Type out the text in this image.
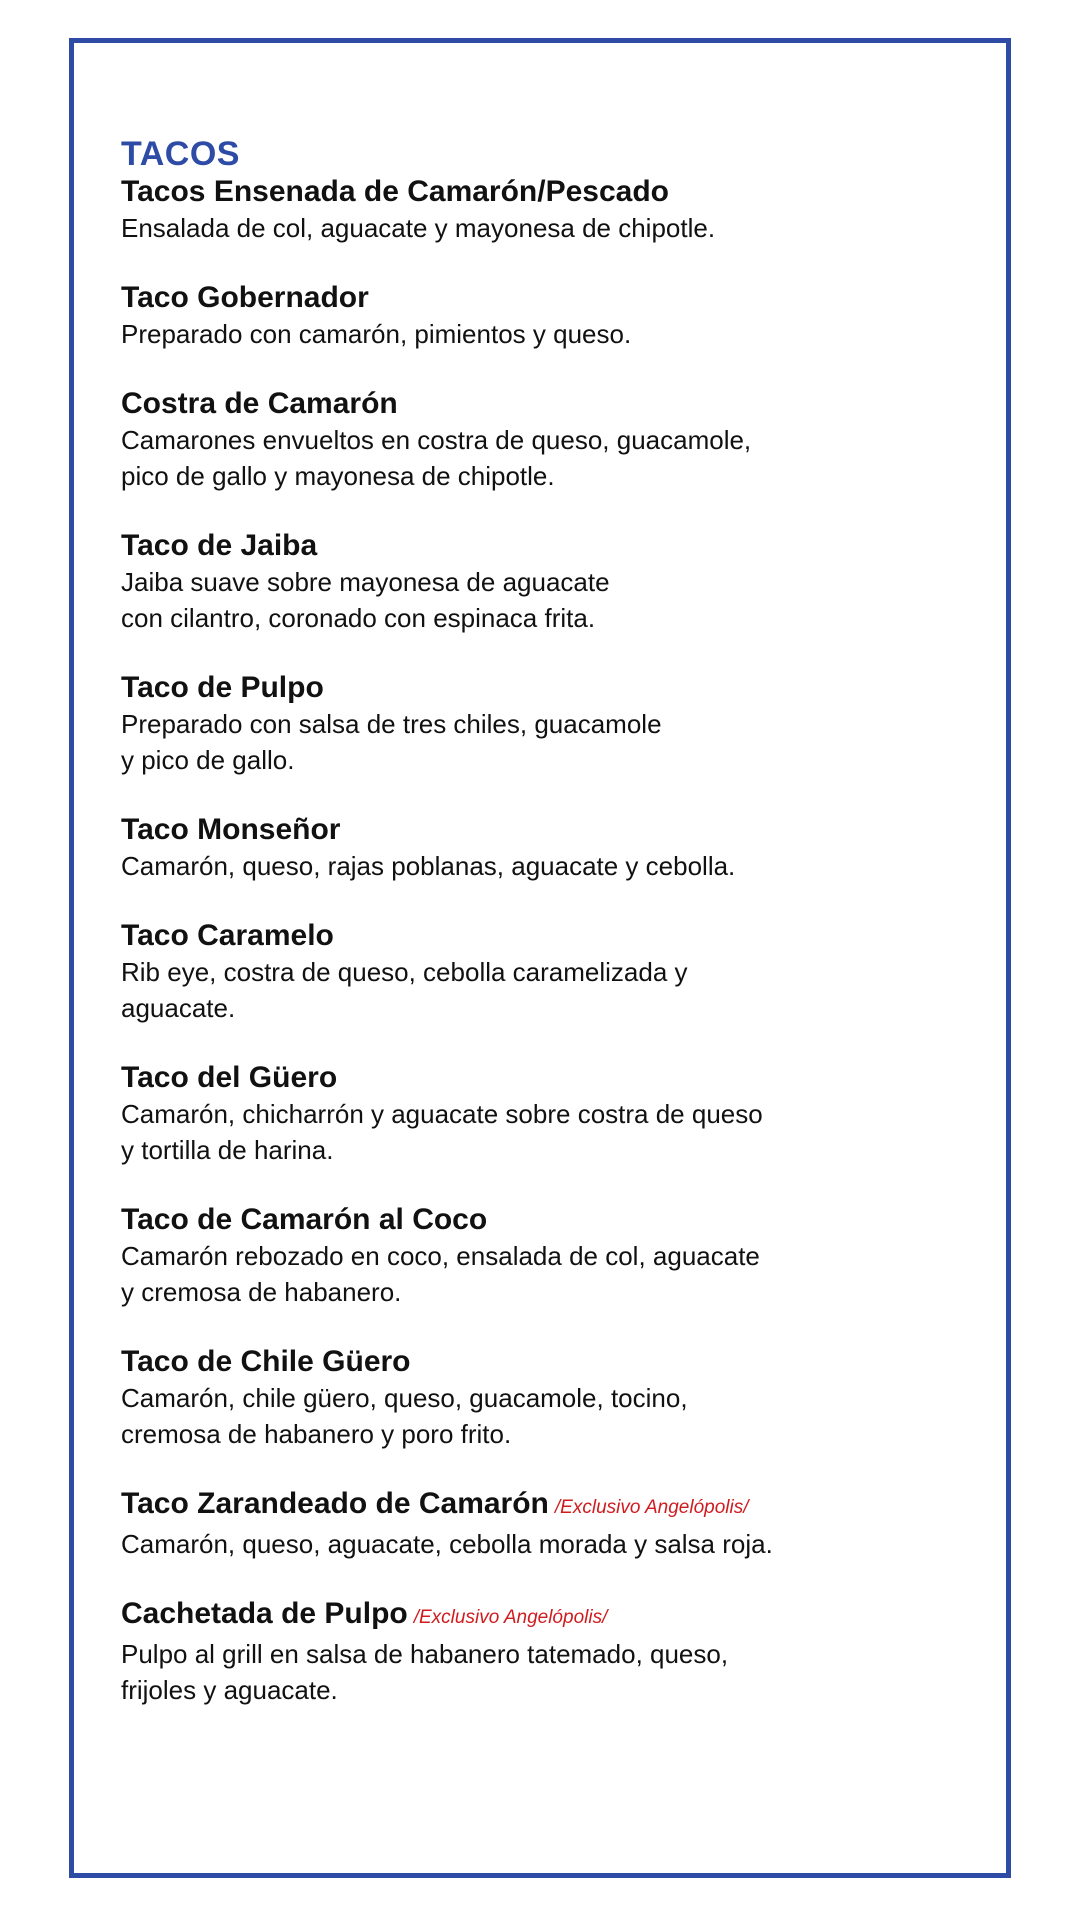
TACOS

Tacos Ensenada de Camarón/Pescado

Ensalada de col, aguacate y mayonesa de chipotle.

Taco Gobernador

Preparado con camarón, pimientos y queso.

Costra de Camarón

Camarones envueltos en costra de queso, guacamole,
pico de gallo y mayonesa de chipotle.

Taco de Jaiba

Jaiba suave sobre mayonesa de aguacate
con cilantro, coronado con espinaca frita.

Taco de Pulpo

Preparado con salsa de tres chiles, guacamole
y pico de gallo.

Taco Monseñor

Camarón, queso, rajas poblanas, aguacate y cebolla.

Taco Caramelo

Rib eye, costra de queso, cebolla caramelizada y
aguacate.

Taco del Güero

Camarón, chicharrón y aguacate sobre costra de queso
y tortilla de harina.

Taco de Camarón al Coco

Camarón rebozado en coco, ensalada de col, aguacate
y cremosa de habanero.

Taco de Chile Güero

Camarón, chile güero, queso, guacamole, tocino,
cremosa de habanero y poro frito.

Taco Zarandeado de Camarón /Exclusivo Angelópolis/

Camarón, queso, aguacate, cebolla morada y salsa roja.

Cachetada de Pulpo /Exclusivo Angelópolis/

Pulpo al grill en salsa de habanero tatemado, queso,
frijoles y aguacate.
